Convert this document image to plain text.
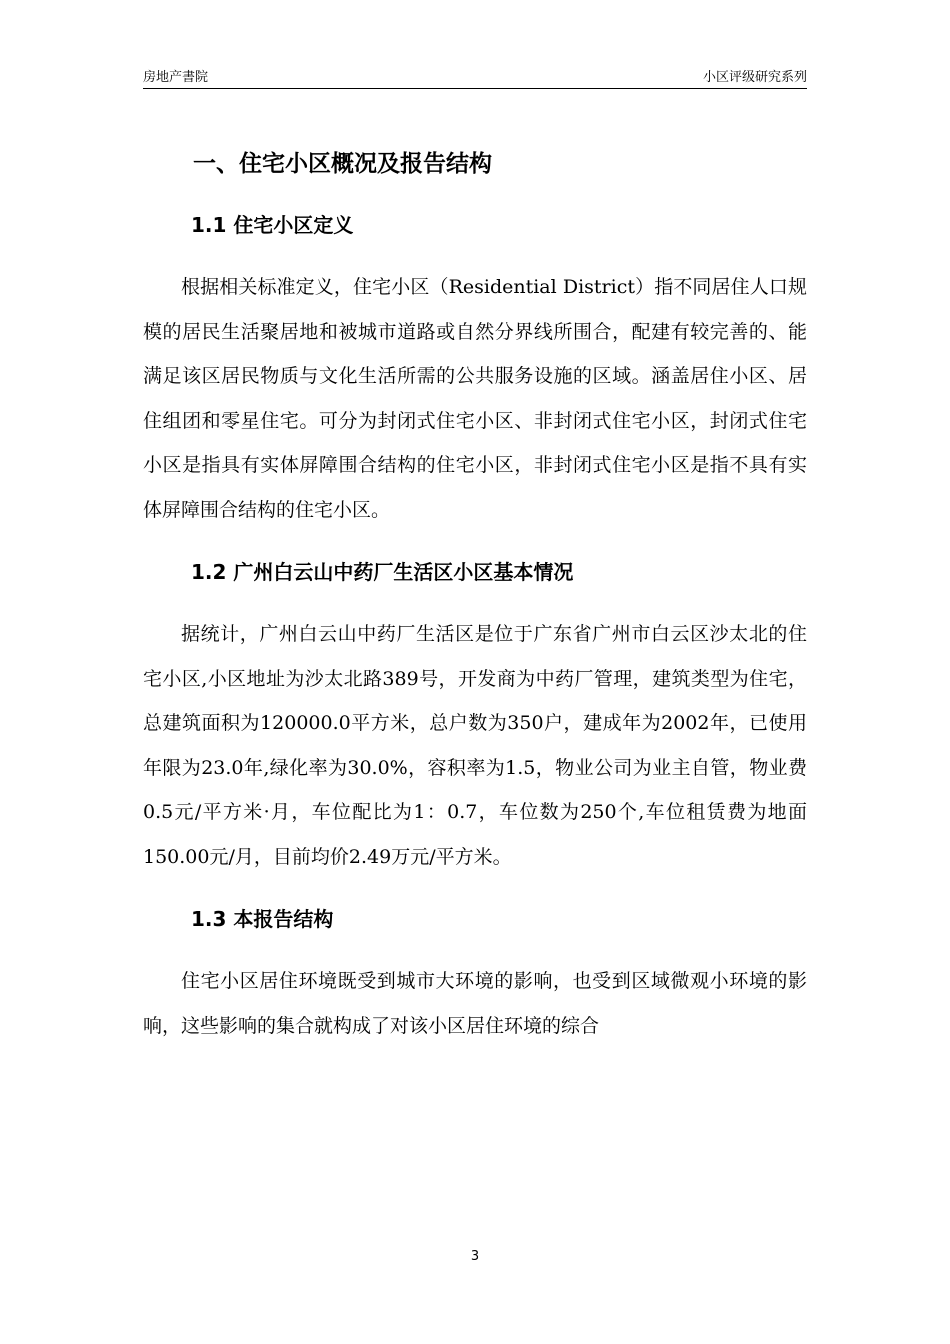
房地产書院	小区评级研究系列
一、住宅小区概况及报告结构
1.1 住宅小区定义

根据相关标准定义，住宅小区（Residential District）指不同居住人口规模的居民生活聚居地和被城市道路或自然分界线所围合，配建有较完善的、能满足该区居民物质与文化生活所需的公共服务设施的区域。涵盖居住小区、居住组团和零星住宅。可分为封闭式住宅小区、非封闭式住宅小区，封闭式住宅小区是指具有实体屏障围合结构的住宅小区，非封闭式住宅小区是指不具有实体屏障围合结构的住宅小区。

1.2 广州白云山中药厂生活区小区基本情况

据统计，广州白云山中药厂生活区是位于广东省广州市白云区沙太北的住宅小区,小区地址为沙太北路389号，开发商为中药厂管理，建筑类型为住宅，总建筑面积为120000.0平方米，总户数为350户，建成年为2002年，已使用年限为23.0年,绿化率为30.0%，容积率为1.5，物业公司为业主自管，物业费0.5元/平方米·月，车位配比为1：0.7，车位数为250个,车位租赁费为地面150.00元/月，目前均价2.49万元/平方米。

1.3 本报告结构

住宅小区居住环境既受到城市大环境的影响，也受到区域微观小环境的影响，这些影响的集合就构成了对该小区居住环境的综合

3
